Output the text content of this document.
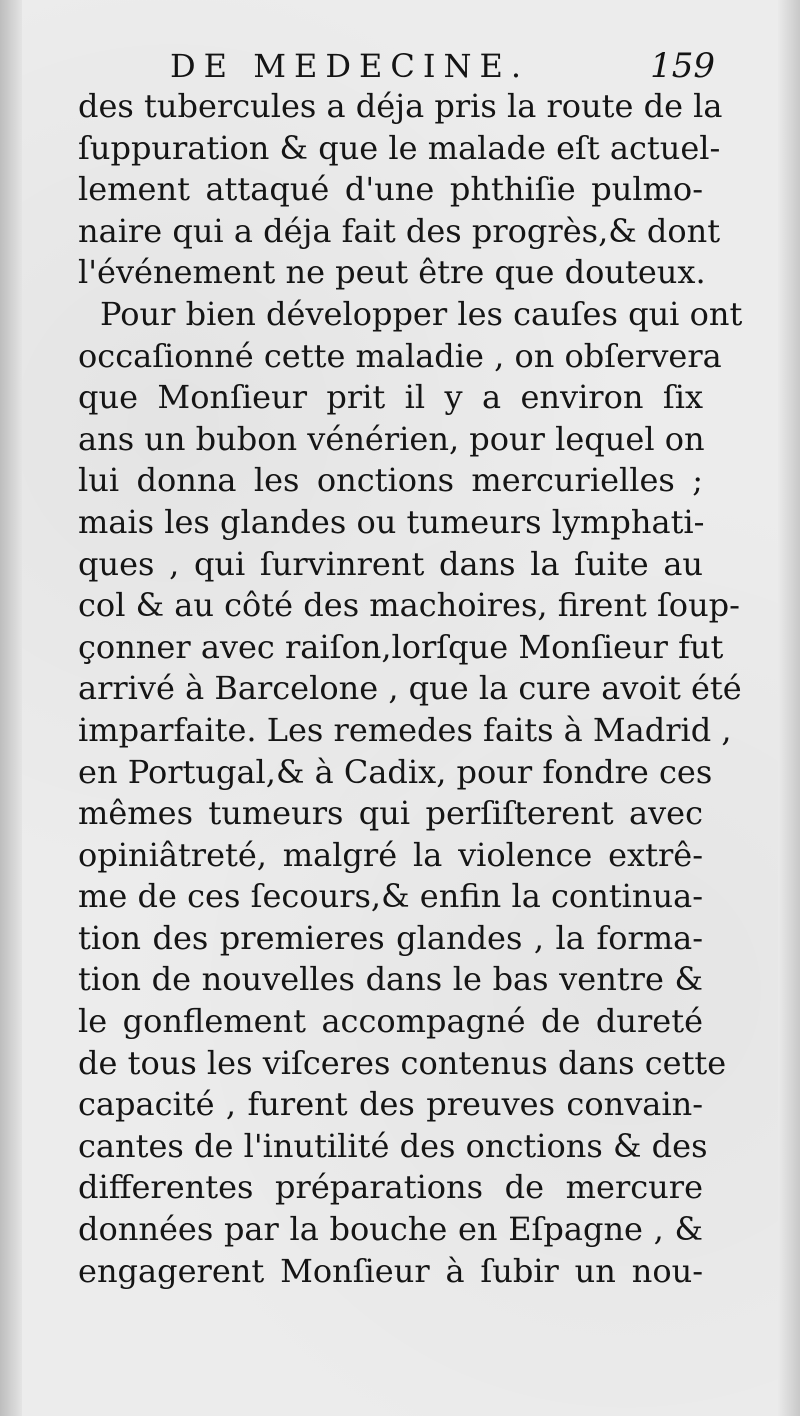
DE MEDECINE.	159
des tubercules a déja pris la route de la
ſuppuration & que le malade eſt actuel-
lement attaqué d'une phthiſie pulmo-
naire qui a déja fait des progrès,& dont
l'événement ne peut être que douteux.
Pour bien développer les cauſes qui ont
occaſionné cette maladie , on obſervera
que Monſieur prit il y a environ ſix
ans un bubon vénérien, pour lequel on
lui donna les onctions mercurielles ;
mais les glandes ou tumeurs lymphati-
ques , qui ſurvinrent dans la ſuite au
col & au côté des machoires, firent ſoup-
çonner avec raiſon,lorſque Monſieur fut
arrivé à Barcelone , que la cure avoit été
imparfaite. Les remedes faits à Madrid ,
en Portugal,& à Cadix, pour fondre ces
mêmes tumeurs qui perſiſterent avec
opiniâtreté, malgré la violence extrê-
me de ces ſecours,& enfin la continua-
tion des premieres glandes , la forma-
tion de nouvelles dans le bas ventre &
le gonflement accompagné de dureté
de tous les viſceres contenus dans cette
capacité , furent des preuves convain-
cantes de l'inutilité des onctions & des
differentes préparations de mercure
données par la bouche en Eſpagne , &
engagerent Monſieur à ſubir un nou-
